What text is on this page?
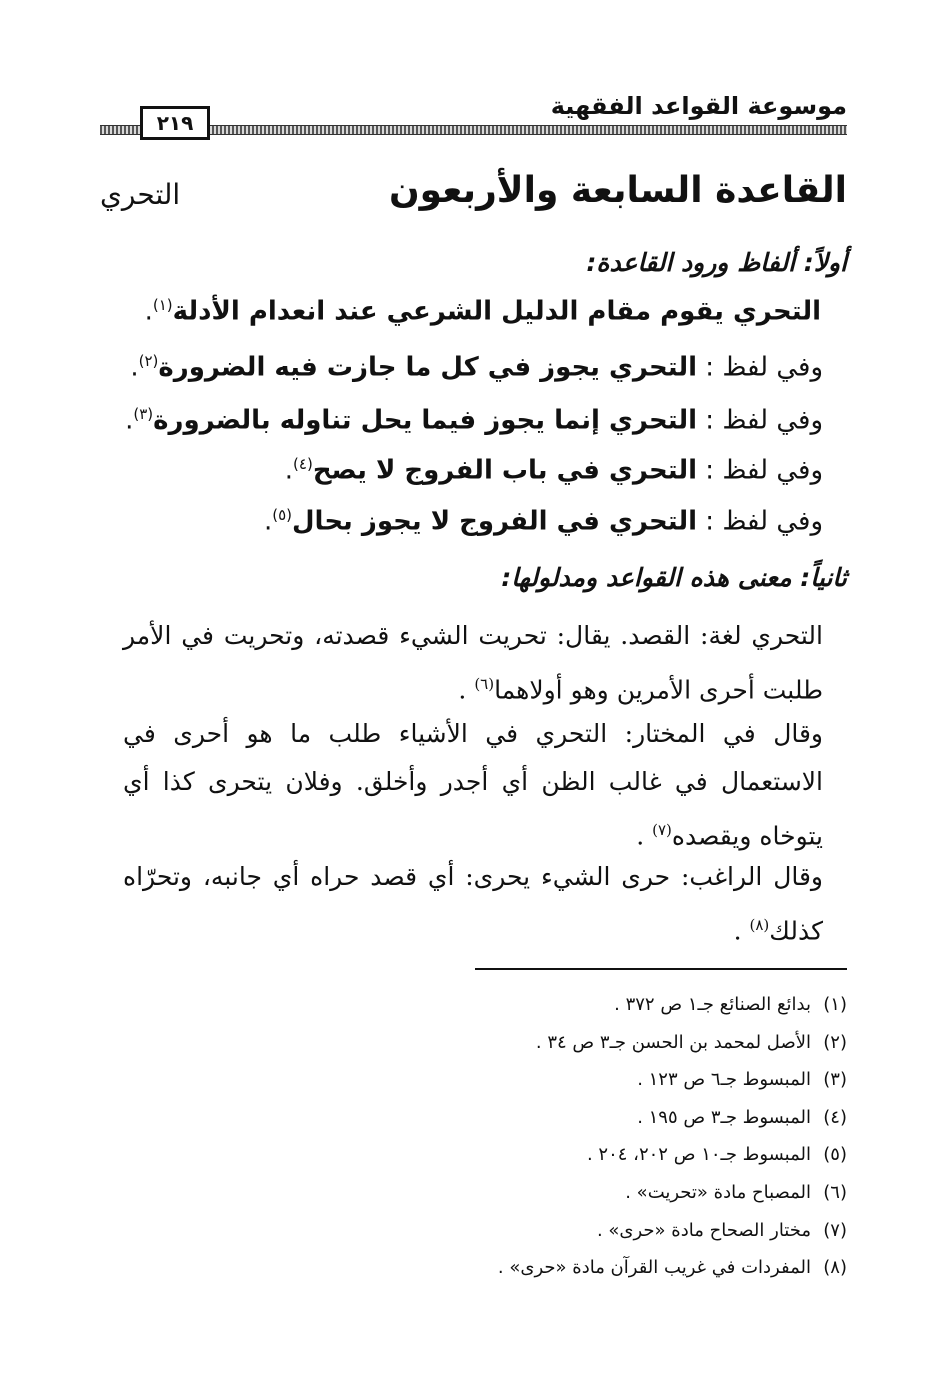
موسوعة القواعد الفقهية
٢١٩
القاعدة السابعة والأربعون
التحري
أولاً: ألفاظ ورود القاعدة:
التحري يقوم مقام الدليل الشرعي عند انعدام الأدلة$^{(١)}$.
وفي لفظ : التحري يجوز في كل ما جازت فيه الضرورة$^{(٢)}$.
وفي لفظ : التحري إنما يجوز فيما يحل تناوله بالضرورة$^{(٣)}$.
وفي لفظ : التحري في باب الفروج لا يصح$^{(٤)}$.
وفي لفظ : التحري في الفروج لا يجوز بحال$^{(٥)}$.
ثانياً: معنى هذه القواعد ومدلولها:

التحري لغة: القصد. يقال: تحريت الشيء قصدته، وتحريت في الأمر طلبت أحرى الأمرين وهو أولاهما$^{(٦)}$ .

وقال في المختار: التحري في الأشياء طلب ما هو أحرى في الاستعمال في غالب الظن أي أجدر وأخلق. وفلان يتحرى كذا أي يتوخاه ويقصده$^{(٧)}$ .

وقال الراغب: حرى الشيء يحرى: أي قصد حراه أي جانبه، وتحرّاه كذلك$^{(٨)}$ .

(١)بدائع الصنائع جـ١ ص ٣٧٢ .
(٢)الأصل لمحمد بن الحسن جـ٣ ص ٣٤ .
(٣)المبسوط جـ٦ ص ١٢٣ .
(٤)المبسوط جـ٣ ص ١٩٥ .
(٥)المبسوط جـ١٠ ص ٢٠٢، ٢٠٤ .
(٦)المصباح مادة «تحريت» .
(٧)مختار الصحاح مادة «حرى» .
(٨)المفردات في غريب القرآن مادة «حرى» .
